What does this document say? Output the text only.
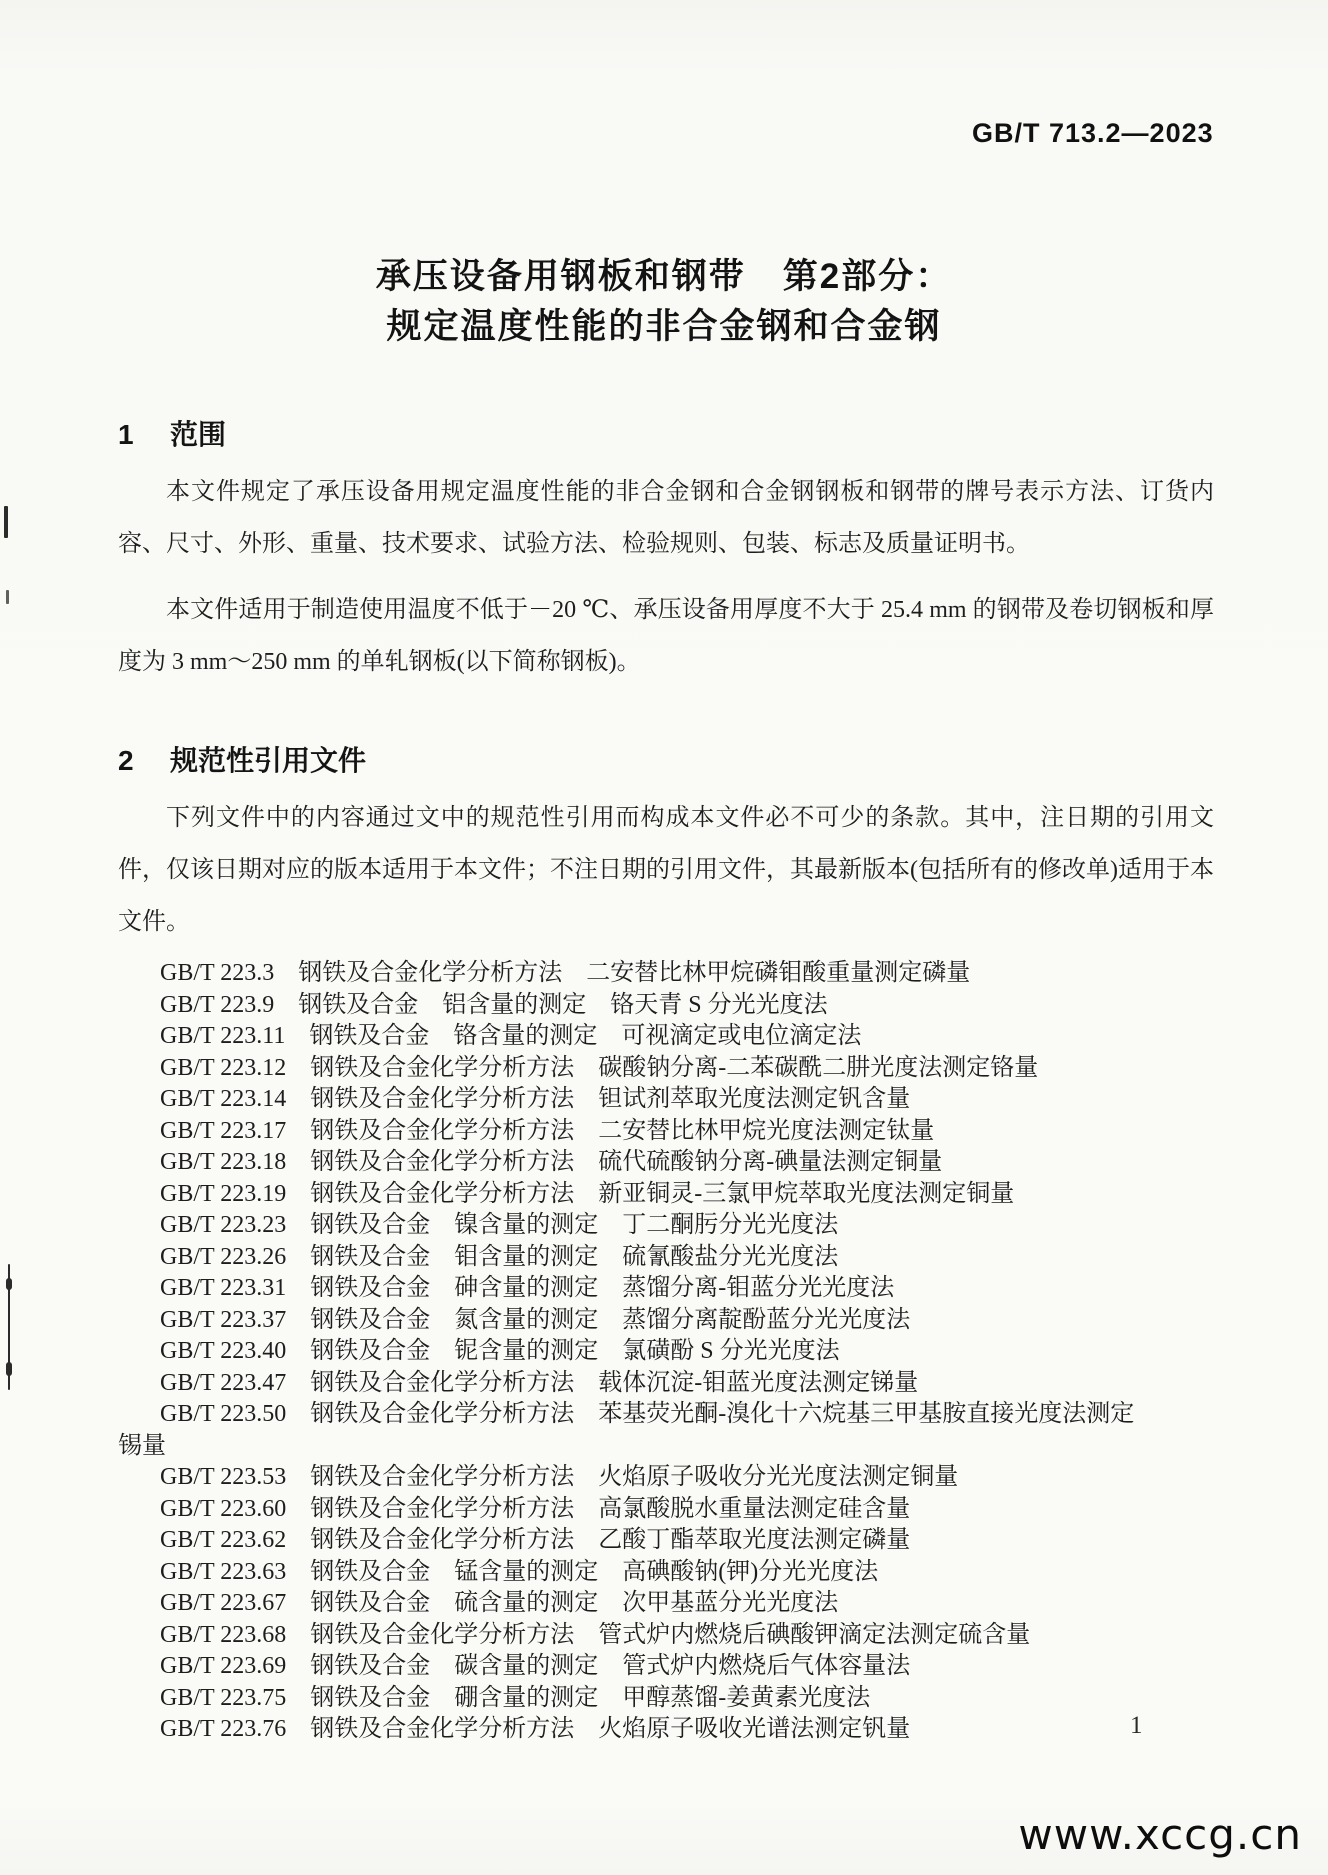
GB/T 713.2—2023
承压设备用钢板和钢带　第2部分：
规定温度性能的非合金钢和合金钢
1 范围

本文件规定了承压设备用规定温度性能的非合金钢和合金钢钢板和钢带的牌号表示方法、订货内容、尺寸、外形、重量、技术要求、试验方法、检验规则、包装、标志及质量证明书。

本文件适用于制造使用温度不低于－20 ℃、承压设备用厚度不大于 25.4 mm 的钢带及卷切钢板和厚度为 3 mm～250 mm 的单轧钢板(以下简称钢板)。

2 规范性引用文件

下列文件中的内容通过文中的规范性引用而构成本文件必不可少的条款。其中，注日期的引用文件，仅该日期对应的版本适用于本文件；不注日期的引用文件，其最新版本(包括所有的修改单)适用于本文件。

GB/T 223.3　钢铁及合金化学分析方法　二安替比林甲烷磷钼酸重量测定磷量

GB/T 223.9　钢铁及合金　铝含量的测定　铬天青 S 分光光度法

GB/T 223.11　钢铁及合金　铬含量的测定　可视滴定或电位滴定法

GB/T 223.12　钢铁及合金化学分析方法　碳酸钠分离-二苯碳酰二肼光度法测定铬量

GB/T 223.14　钢铁及合金化学分析方法　钽试剂萃取光度法测定钒含量

GB/T 223.17　钢铁及合金化学分析方法　二安替比林甲烷光度法测定钛量

GB/T 223.18　钢铁及合金化学分析方法　硫代硫酸钠分离-碘量法测定铜量

GB/T 223.19　钢铁及合金化学分析方法　新亚铜灵-三氯甲烷萃取光度法测定铜量

GB/T 223.23　钢铁及合金　镍含量的测定　丁二酮肟分光光度法

GB/T 223.26　钢铁及合金　钼含量的测定　硫氰酸盐分光光度法

GB/T 223.31　钢铁及合金　砷含量的测定　蒸馏分离-钼蓝分光光度法

GB/T 223.37　钢铁及合金　氮含量的测定　蒸馏分离靛酚蓝分光光度法

GB/T 223.40　钢铁及合金　铌含量的测定　氯磺酚 S 分光光度法

GB/T 223.47　钢铁及合金化学分析方法　载体沉淀-钼蓝光度法测定锑量

GB/T 223.50　钢铁及合金化学分析方法　苯基荧光酮-溴化十六烷基三甲基胺直接光度法测定

锡量

GB/T 223.53　钢铁及合金化学分析方法　火焰原子吸收分光光度法测定铜量

GB/T 223.60　钢铁及合金化学分析方法　高氯酸脱水重量法测定硅含量

GB/T 223.62　钢铁及合金化学分析方法　乙酸丁酯萃取光度法测定磷量

GB/T 223.63　钢铁及合金　锰含量的测定　高碘酸钠(钾)分光光度法

GB/T 223.67　钢铁及合金　硫含量的测定　次甲基蓝分光光度法

GB/T 223.68　钢铁及合金化学分析方法　管式炉内燃烧后碘酸钾滴定法测定硫含量

GB/T 223.69　钢铁及合金　碳含量的测定　管式炉内燃烧后气体容量法

GB/T 223.75　钢铁及合金　硼含量的测定　甲醇蒸馏-姜黄素光度法

GB/T 223.76　钢铁及合金化学分析方法　火焰原子吸收光谱法测定钒量	1
www.xccg.cn
